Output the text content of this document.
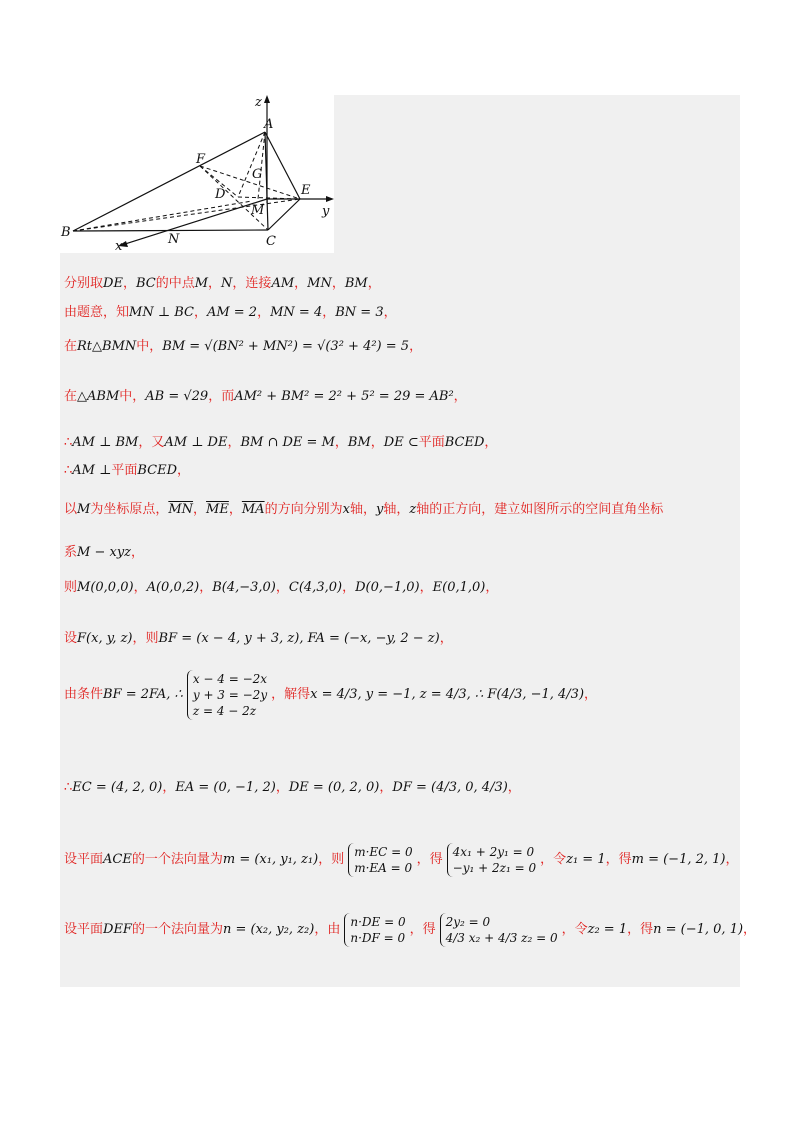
z
A
F
G
D
M
E
y
B
x	N	C
分别取DE，BC的中点M，N，连接AM，MN，BM，
由题意，知MN ⊥ BC，AM = 2，MN = 4，BN = 3，
在Rt△BMN中，BM = √(BN² + MN²) = √(3² + 4²) = 5，
在△ABM中，AB = √29，而AM² + BM² = 2² + 5² = 29 = AB²，
∴AM ⊥ BM，又AM ⊥ DE，BM ∩ DE = M，BM，DE ⊂平面BCED，
∴AM ⊥平面BCED，
以M为坐标原点，$\overline{MN}$，$\overline{ME}$，$\overline{MA}$的方向分别为x轴，y轴，z轴的正方向，建立如图所示的空间直角坐标
系M − xyz，
则M(0,0,0)，A(0,0,2)，B(4,−3,0)，C(4,3,0)，D(0,−1,0)，E(0,1,0)，
设F(x, y, z)，则BF = (x − 4, y + 3, z), FA = (−x, −y, 2 − z)，
由条件BF = 2FA, ∴
x − 4 = −2x
y + 3 = −2y
z = 4 − 2z
，解得x = 4/3, y = −1, z = 4/3, ∴ F(4/3, −1, 4/3)，
∴EC = (4, 2, 0)，EA = (0, −1, 2)，DE = (0, 2, 0)，DF = (4/3, 0, 4/3)，
设平面ACE的一个法向量为m = (x₁, y₁, z₁)，则 m·EC = 0
m·EA = 0
，得 4x₁ + 2y₁ = 0
−y₁ + 2z₁ = 0
，令z₁ = 1，得m = (−1, 2, 1)，
设平面DEF的一个法向量为n = (x₂, y₂, z₂)，由 n·DE = 0
n·DF = 0
，得 2y₂ = 0
4/3 x₂ + 4/3 z₂ = 0
，令z₂ = 1，得n = (−1, 0, 1)，
